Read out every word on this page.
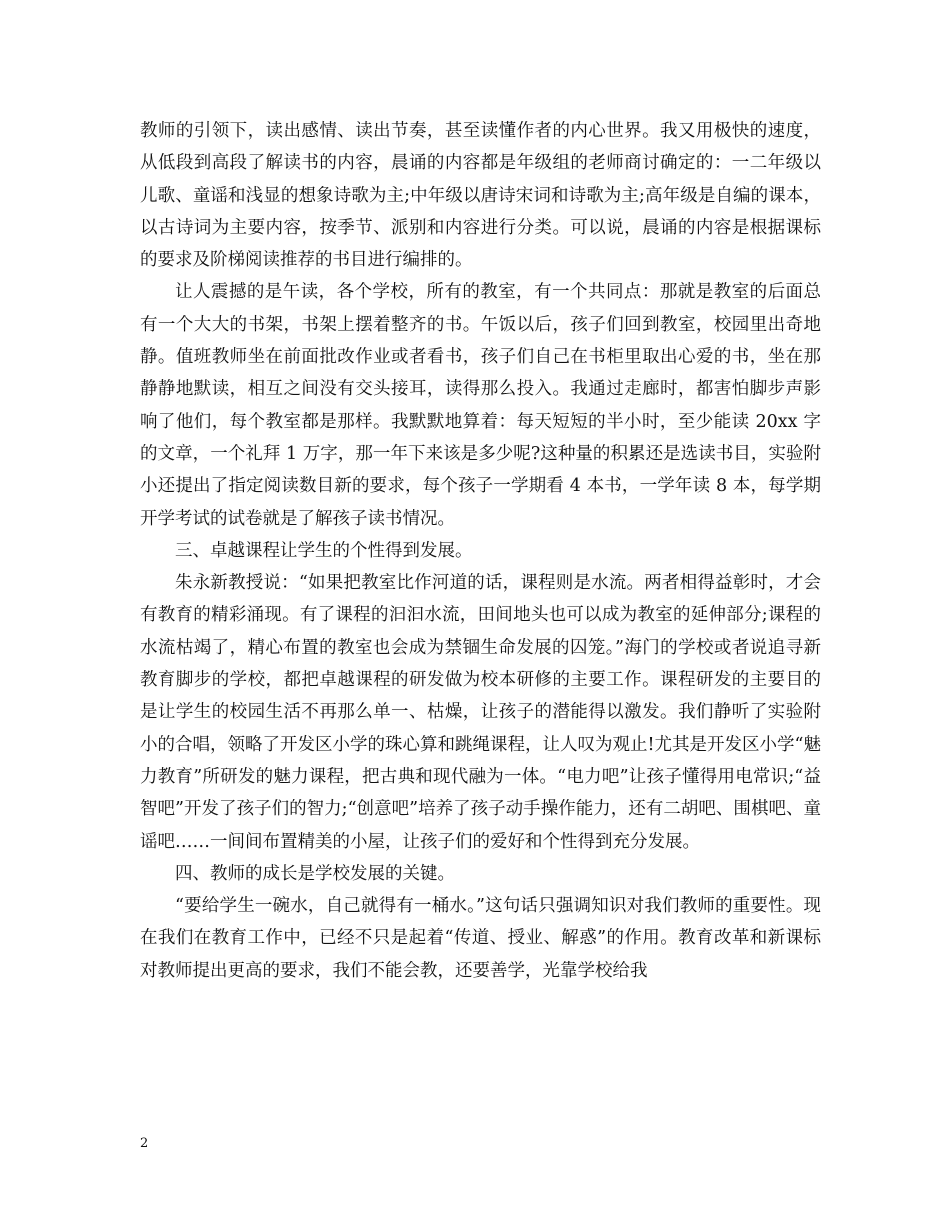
教师的引领下，读出感情、读出节奏，甚至读懂作者的内心世界。我又用极快的速度，从低段到高段了解读书的内容，晨诵的内容都是年级组的老师商讨确定的：一二年级以儿歌、童谣和浅显的想象诗歌为主;中年级以唐诗宋词和诗歌为主;高年级是自编的课本，以古诗词为主要内容，按季节、派别和内容进行分类。可以说，晨诵的内容是根据课标的要求及阶梯阅读推荐的书目进行编排的。

让人震撼的是午读，各个学校，所有的教室，有一个共同点：那就是教室的后面总有一个大大的书架，书架上摆着整齐的书。午饭以后，孩子们回到教室，校园里出奇地静。值班教师坐在前面批改作业或者看书，孩子们自己在书柜里取出心爱的书，坐在那静静地默读，相互之间没有交头接耳，读得那么投入。我通过走廊时，都害怕脚步声影响了他们，每个教室都是那样。我默默地算着：每天短短的半小时，至少能读 20xx 字的文章，一个礼拜 1 万字，那一年下来该是多少呢?这种量的积累还是选读书目，实验附小还提出了指定阅读数目新的要求，每个孩子一学期看 4 本书，一学年读 8 本，每学期开学考试的试卷就是了解孩子读书情况。

三、卓越课程让学生的个性得到发展。

朱永新教授说：“如果把教室比作河道的话，课程则是水流。两者相得益彰时，才会有教育的精彩涌现。有了课程的汩汩水流，田间地头也可以成为教室的延伸部分;课程的水流枯竭了，精心布置的教室也会成为禁锢生命发展的囚笼。”海门的学校或者说追寻新教育脚步的学校，都把卓越课程的研发做为校本研修的主要工作。课程研发的主要目的是让学生的校园生活不再那么单一、枯燥，让孩子的潜能得以激发。我们静听了实验附小的合唱，领略了开发区小学的珠心算和跳绳课程，让人叹为观止!尤其是开发区小学“魅力教育”所研发的魅力课程，把古典和现代融为一体。“电力吧”让孩子懂得用电常识;“益智吧”开发了孩子们的智力;“创意吧”培养了孩子动手操作能力，还有二胡吧、围棋吧、童谣吧……一间间布置精美的小屋，让孩子们的爱好和个性得到充分发展。

四、教师的成长是学校发展的关键。

“要给学生一碗水，自己就得有一桶水。”这句话只强调知识对我们教师的重要性。现在我们在教育工作中，已经不只是起着“传道、授业、解惑”的作用。教育改革和新课标对教师提出更高的要求，我们不能会教，还要善学，光靠学校给我

2
